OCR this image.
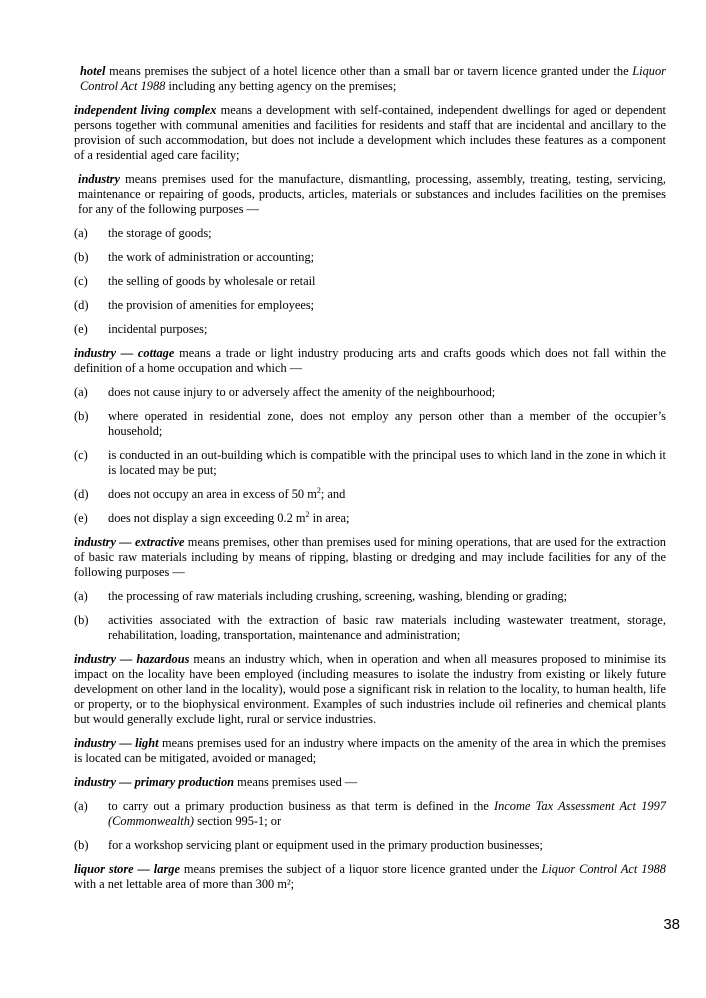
hotel means premises the subject of a hotel licence other than a small bar or tavern licence granted under the Liquor Control Act 1988 including any betting agency on the premises;

independent living complex means a development with self-contained, independent dwellings for aged or dependent persons together with communal amenities and facilities for residents and staff that are incidental and ancillary to the provision of such accommodation, but does not include a development which includes these features as a component of a residential aged care facility;

industry means premises used for the manufacture, dismantling, processing, assembly, treating, testing, servicing, maintenance or repairing of goods, products, articles, materials or substances and includes facilities on the premises for any of the following purposes —

(a)	the storage of goods;
(b)	the work of administration or accounting;
(c)	the selling of goods by wholesale or retail
(d)	the provision of amenities for employees;
(e)	incidental purposes;

industry — cottage means a trade or light industry producing arts and crafts goods which does not fall within the definition of a home occupation and which —

(a)	does not cause injury to or adversely affect the amenity of the neighbourhood;
(b)	where operated in residential zone, does not employ any person other than a member of the occupier’s household;
(c)	is conducted in an out-building which is compatible with the principal uses to which land in the zone in which it is located may be put;
(d)	does not occupy an area in excess of 50 $m^2$; and
(e)	does not display a sign exceeding 0.2 $m^2$ in area;

industry — extractive means premises, other than premises used for mining operations, that are used for the extraction of basic raw materials including by means of ripping, blasting or dredging and may include facilities for any of the following purposes —

(a)	the processing of raw materials including crushing, screening, washing, blending or grading;
(b)	activities associated with the extraction of basic raw materials including wastewater treatment, storage, rehabilitation, loading, transportation, maintenance and administration;

industry — hazardous means an industry which, when in operation and when all measures proposed to minimise its impact on the locality have been employed (including measures to isolate the industry from existing or likely future development on other land in the locality), would pose a significant risk in relation to the locality, to human health, life or property, or to the biophysical environment. Examples of such industries include oil refineries and chemical plants but would generally exclude light, rural or service industries.

industry — light means premises used for an industry where impacts on the amenity of the area in which the premises is located can be mitigated, avoided or managed;

industry — primary production means premises used —

(a)	to carry out a primary production business as that term is defined in the Income Tax Assessment Act 1997 (Commonwealth) section 995-1; or
(b)	for a workshop servicing plant or equipment used in the primary production businesses;

liquor store — large means premises the subject of a liquor store licence granted under the Liquor Control Act 1988 with a net lettable area of more than 300 m²;

38
